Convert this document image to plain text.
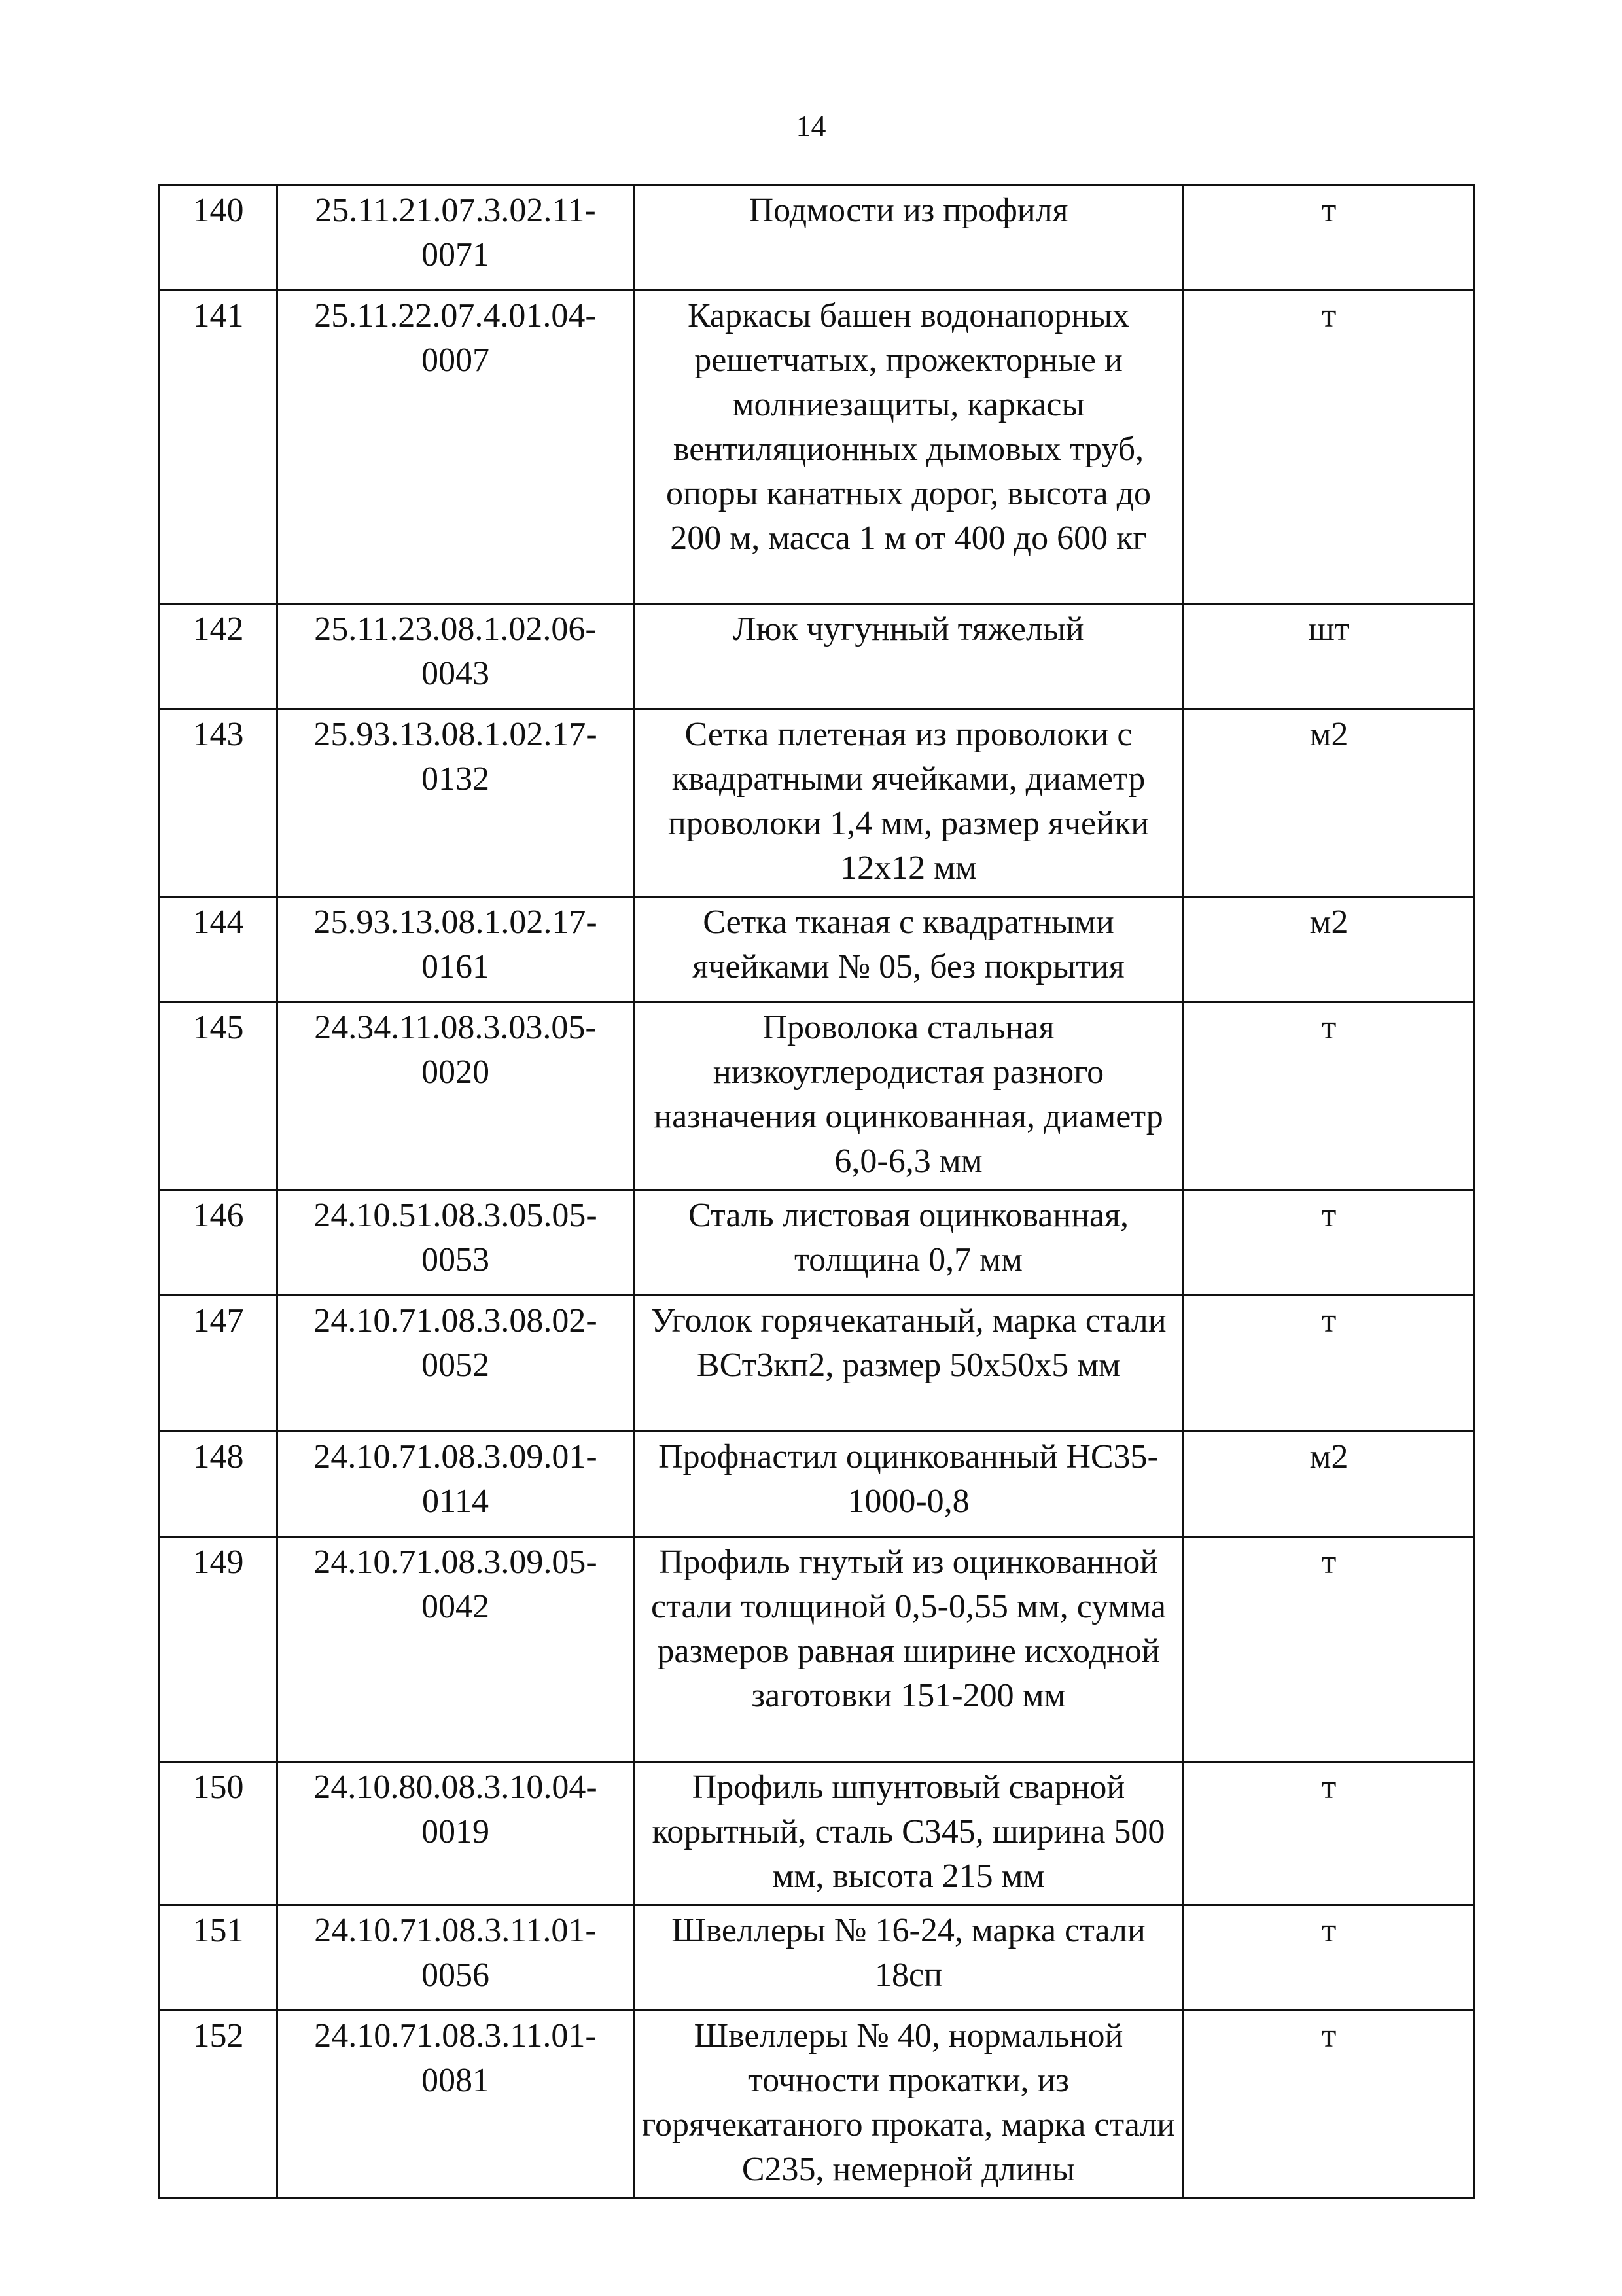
14
140	25.11.21.07.3.02.11-0071	Подмости из профиля	т
141	25.11.22.07.4.01.04-0007	Каркасы башен водонапорных решетчатых, прожекторные и молниезащиты, каркасы вентиляционных дымовых труб, опоры канатных дорог, высота до 200 м, масса 1 м от 400 до 600 кг	т
142	25.11.23.08.1.02.06-0043	Люк чугунный тяжелый	шт
143	25.93.13.08.1.02.17-0132	Сетка плетеная из проволоки с квадратными ячейками, диаметр проволоки 1,4 мм, размер ячейки 12х12 мм	м2
144	25.93.13.08.1.02.17-0161	Сетка тканая с квадратными ячейками № 05, без покрытия	м2
145	24.34.11.08.3.03.05-0020	Проволока стальная низкоуглеродистая разного назначения оцинкованная, диаметр 6,0-6,3 мм	т
146	24.10.51.08.3.05.05-0053	Сталь листовая оцинкованная, толщина 0,7 мм	т
147	24.10.71.08.3.08.02-0052	Уголок горячекатаный, марка стали ВСт3кп2, размер 50х50х5 мм	т
148	24.10.71.08.3.09.01-0114	Профнастил оцинкованный НС35-1000-0,8	м2
149	24.10.71.08.3.09.05-0042	Профиль гнутый из оцинкованной стали толщиной 0,5-0,55 мм, сумма размеров равная ширине исходной заготовки 151-200 мм	т
150	24.10.80.08.3.10.04-0019	Профиль шпунтовый сварной корытный, сталь С345, ширина 500 мм, высота 215 мм	т
151	24.10.71.08.3.11.01-0056	Швеллеры № 16-24, марка стали 18сп	т
152	24.10.71.08.3.11.01-0081	Швеллеры № 40, нормальной точности прокатки, из горячекатаного проката, марка стали С235, немерной длины	т
